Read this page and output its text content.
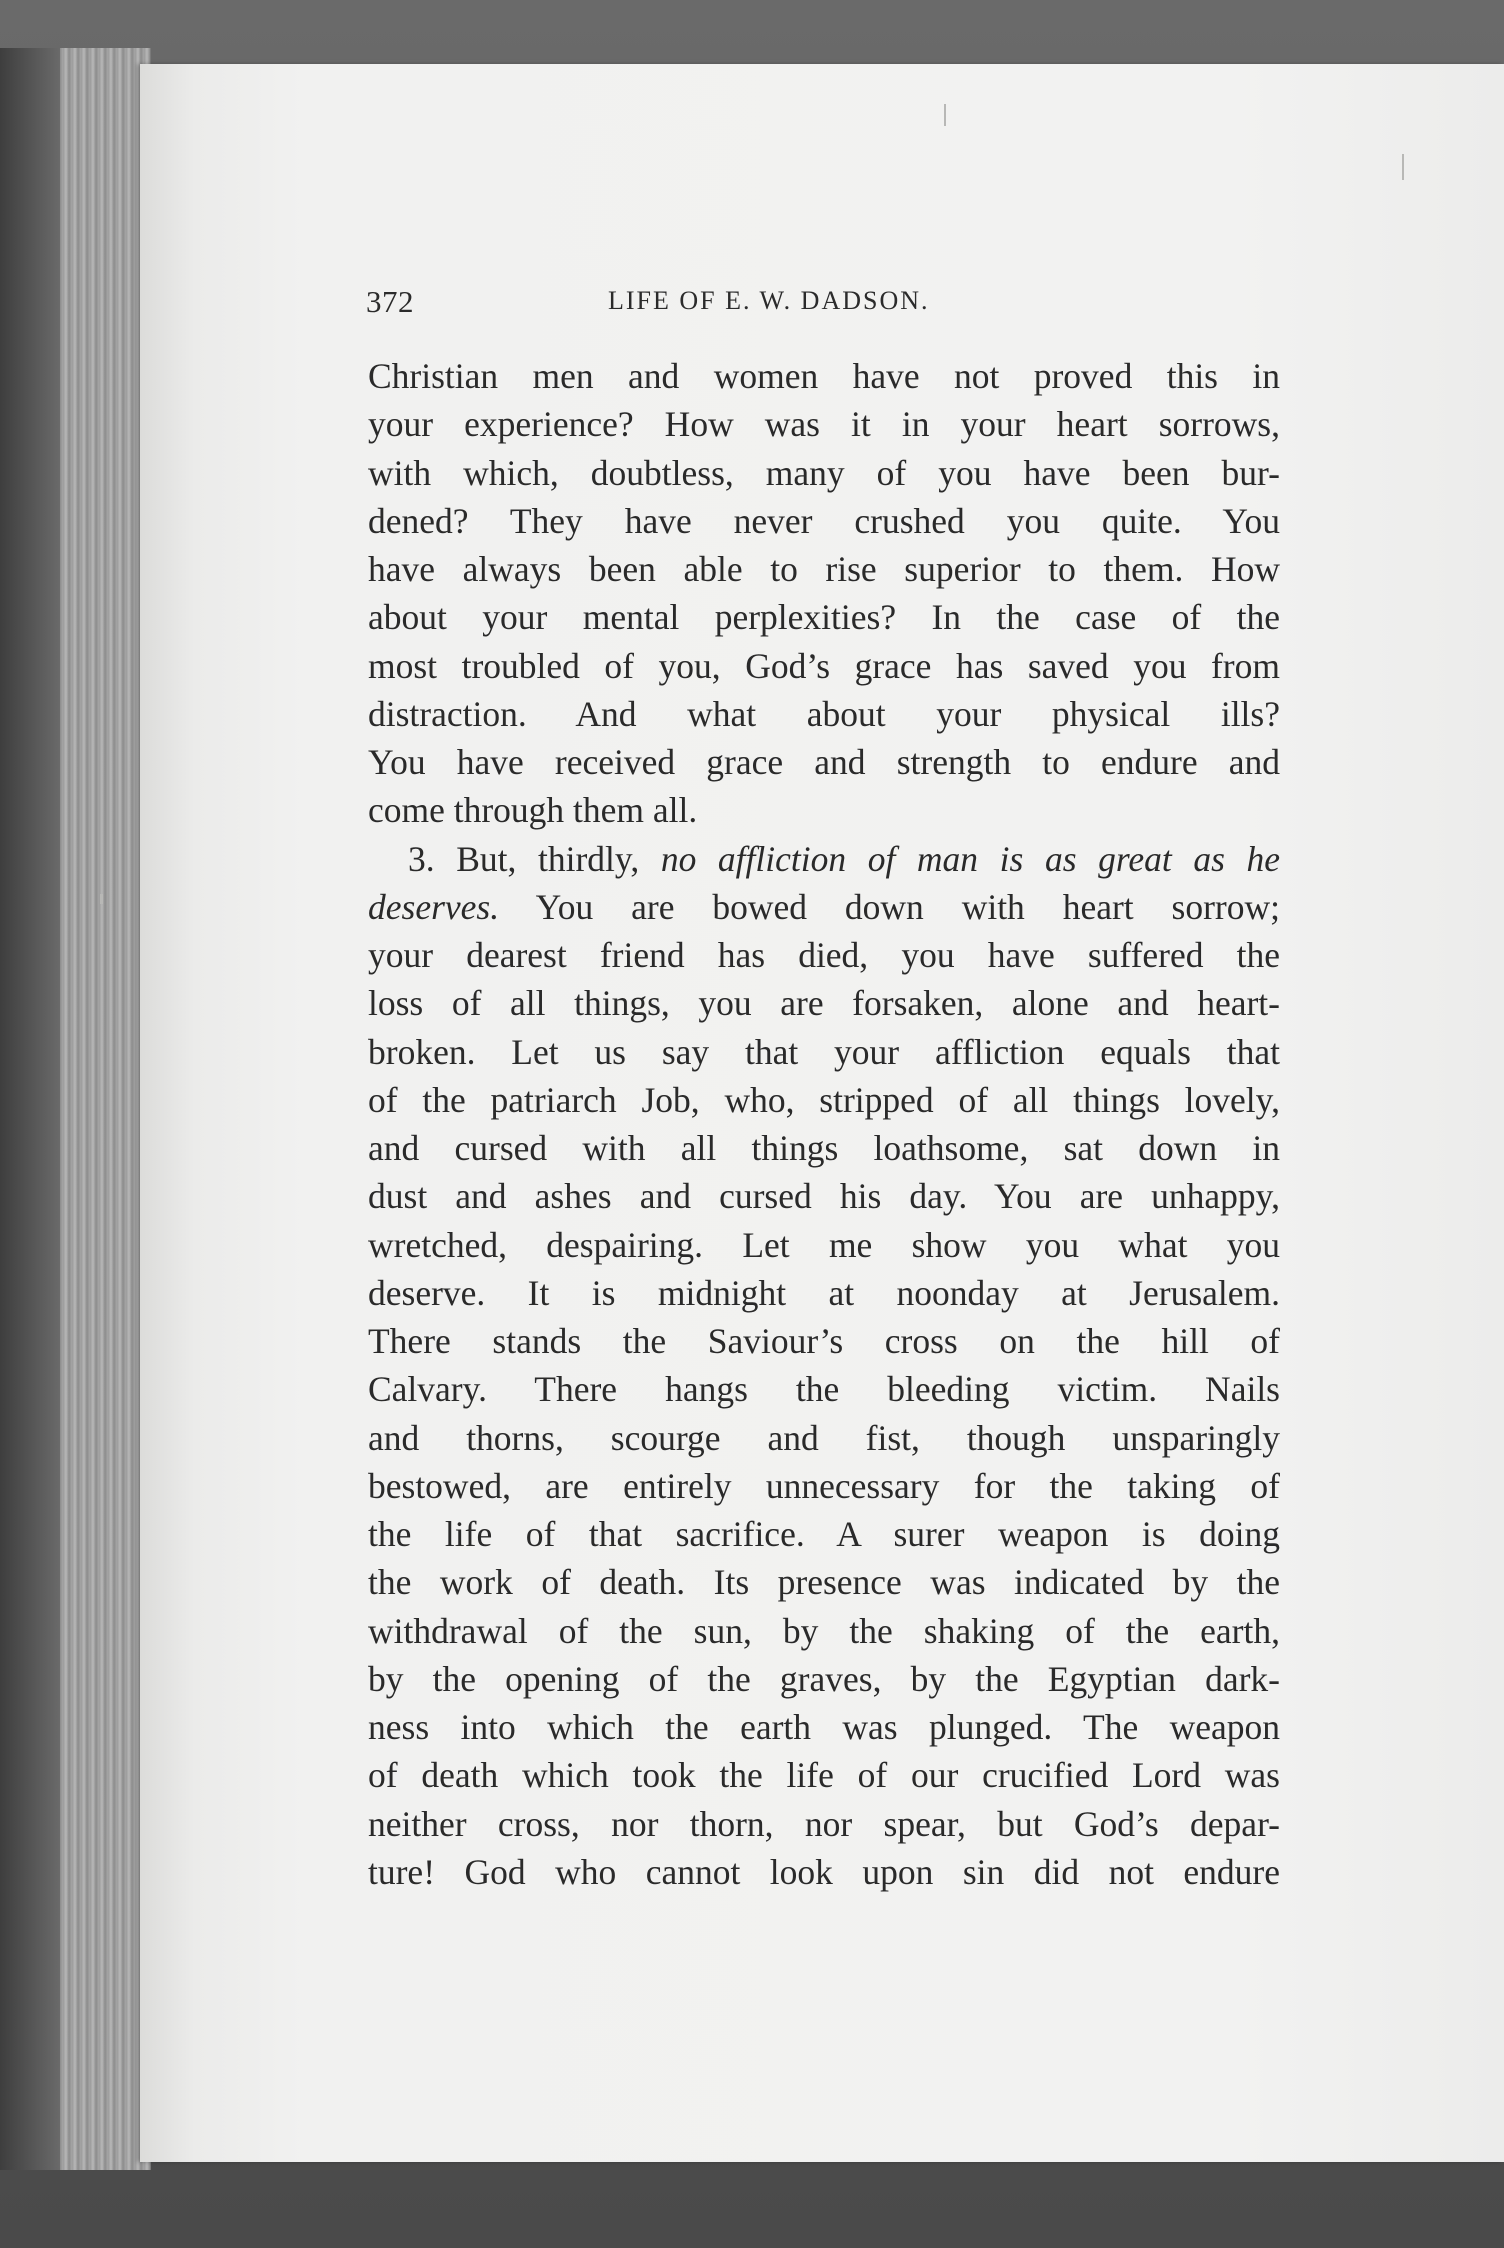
372	LIFE OF E. W. DADSON.
Christian men and women have not proved this in
your experience? How was it in your heart sorrows,
with which, doubtless, many of you have been bur-
dened? They have never crushed you quite. You
have always been able to rise superior to them. How
about your mental perplexities? In the case of the
most troubled of you, God’s grace has saved you from
distraction. And what about your physical ills?
You have received grace and strength to endure and
come through them all.
3. But, thirdly, no affliction of man is as great as he
deserves. You are bowed down with heart sorrow;
your dearest friend has died, you have suffered the
loss of all things, you are forsaken, alone and heart-
broken. Let us say that your affliction equals that
of the patriarch Job, who, stripped of all things lovely,
and cursed with all things loathsome, sat down in
dust and ashes and cursed his day. You are unhappy,
wretched, despairing. Let me show you what you
deserve. It is midnight at noonday at Jerusalem.
There stands the Saviour’s cross on the hill of
Calvary. There hangs the bleeding victim. Nails
and thorns, scourge and fist, though unsparingly
bestowed, are entirely unnecessary for the taking of
the life of that sacrifice. A surer weapon is doing
the work of death. Its presence was indicated by the
withdrawal of the sun, by the shaking of the earth,
by the opening of the graves, by the Egyptian dark-
ness into which the earth was plunged. The weapon
of death which took the life of our crucified Lord was
neither cross, nor thorn, nor spear, but God’s depar-
ture! God who cannot look upon sin did not endure
